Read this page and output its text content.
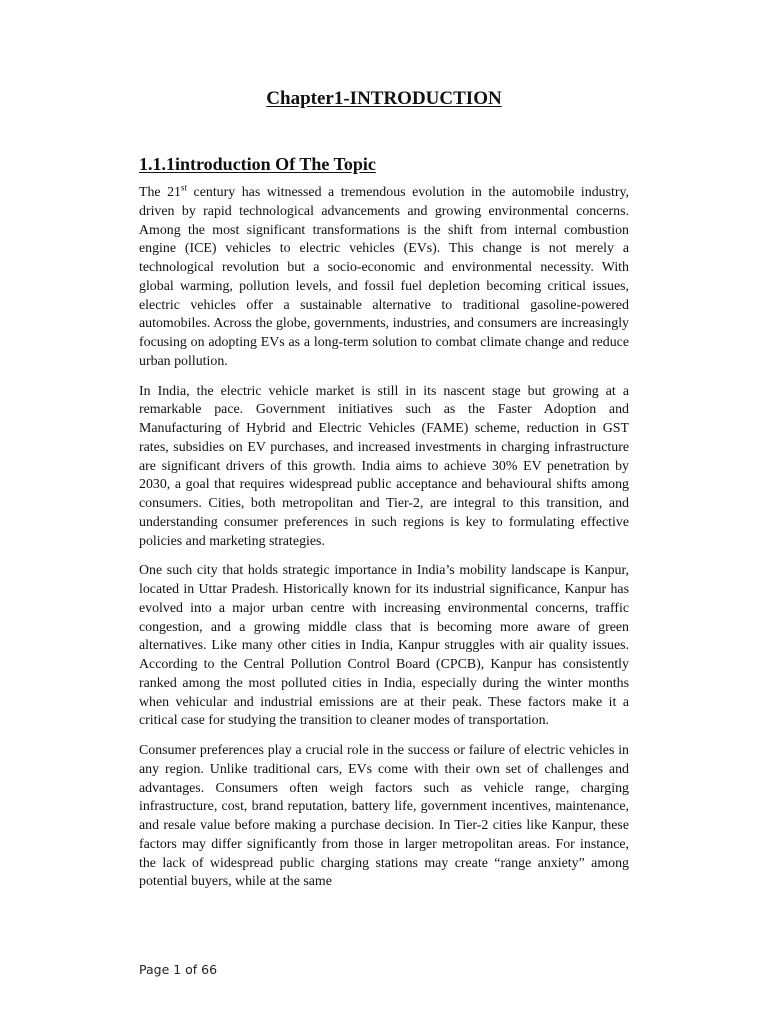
Chapter1-INTRODUCTION
1.1.1introduction Of The Topic

The 21st century has witnessed a tremendous evolution in the automobile industry, driven by rapid technological advancements and growing environmental concerns. Among the most significant transformations is the shift from internal combustion engine (ICE) vehicles to electric vehicles (EVs). This change is not merely a technological revolution but a socio-economic and environmental necessity. With global warming, pollution levels, and fossil fuel depletion becoming critical issues, electric vehicles offer a sustainable alternative to traditional gasoline-powered automobiles. Across the globe, governments, industries, and consumers are increasingly focusing on adopting EVs as a long-term solution to combat climate change and reduce urban pollution.

In India, the electric vehicle market is still in its nascent stage but growing at a remarkable pace. Government initiatives such as the Faster Adoption and Manufacturing of Hybrid and Electric Vehicles (FAME) scheme, reduction in GST rates, subsidies on EV purchases, and increased investments in charging infrastructure are significant drivers of this growth. India aims to achieve 30% EV penetration by 2030, a goal that requires widespread public acceptance and behavioural shifts among consumers. Cities, both metropolitan and Tier-2, are integral to this transition, and understanding consumer preferences in such regions is key to formulating effective policies and marketing strategies.

One such city that holds strategic importance in India’s mobility landscape is Kanpur, located in Uttar Pradesh. Historically known for its industrial significance, Kanpur has evolved into a major urban centre with increasing environmental concerns, traffic congestion, and a growing middle class that is becoming more aware of green alternatives. Like many other cities in India, Kanpur struggles with air quality issues. According to the Central Pollution Control Board (CPCB), Kanpur has consistently ranked among the most polluted cities in India, especially during the winter months when vehicular and industrial emissions are at their peak. These factors make it a critical case for studying the transition to cleaner modes of transportation.

Consumer preferences play a crucial role in the success or failure of electric vehicles in any region. Unlike traditional cars, EVs come with their own set of challenges and advantages. Consumers often weigh factors such as vehicle range, charging infrastructure, cost, brand reputation, battery life, government incentives, maintenance, and resale value before making a purchase decision. In Tier-2 cities like Kanpur, these factors may differ significantly from those in larger metropolitan areas. For instance, the lack of widespread public charging stations may create “range anxiety” among potential buyers, while at the same

Page 1 of 66
